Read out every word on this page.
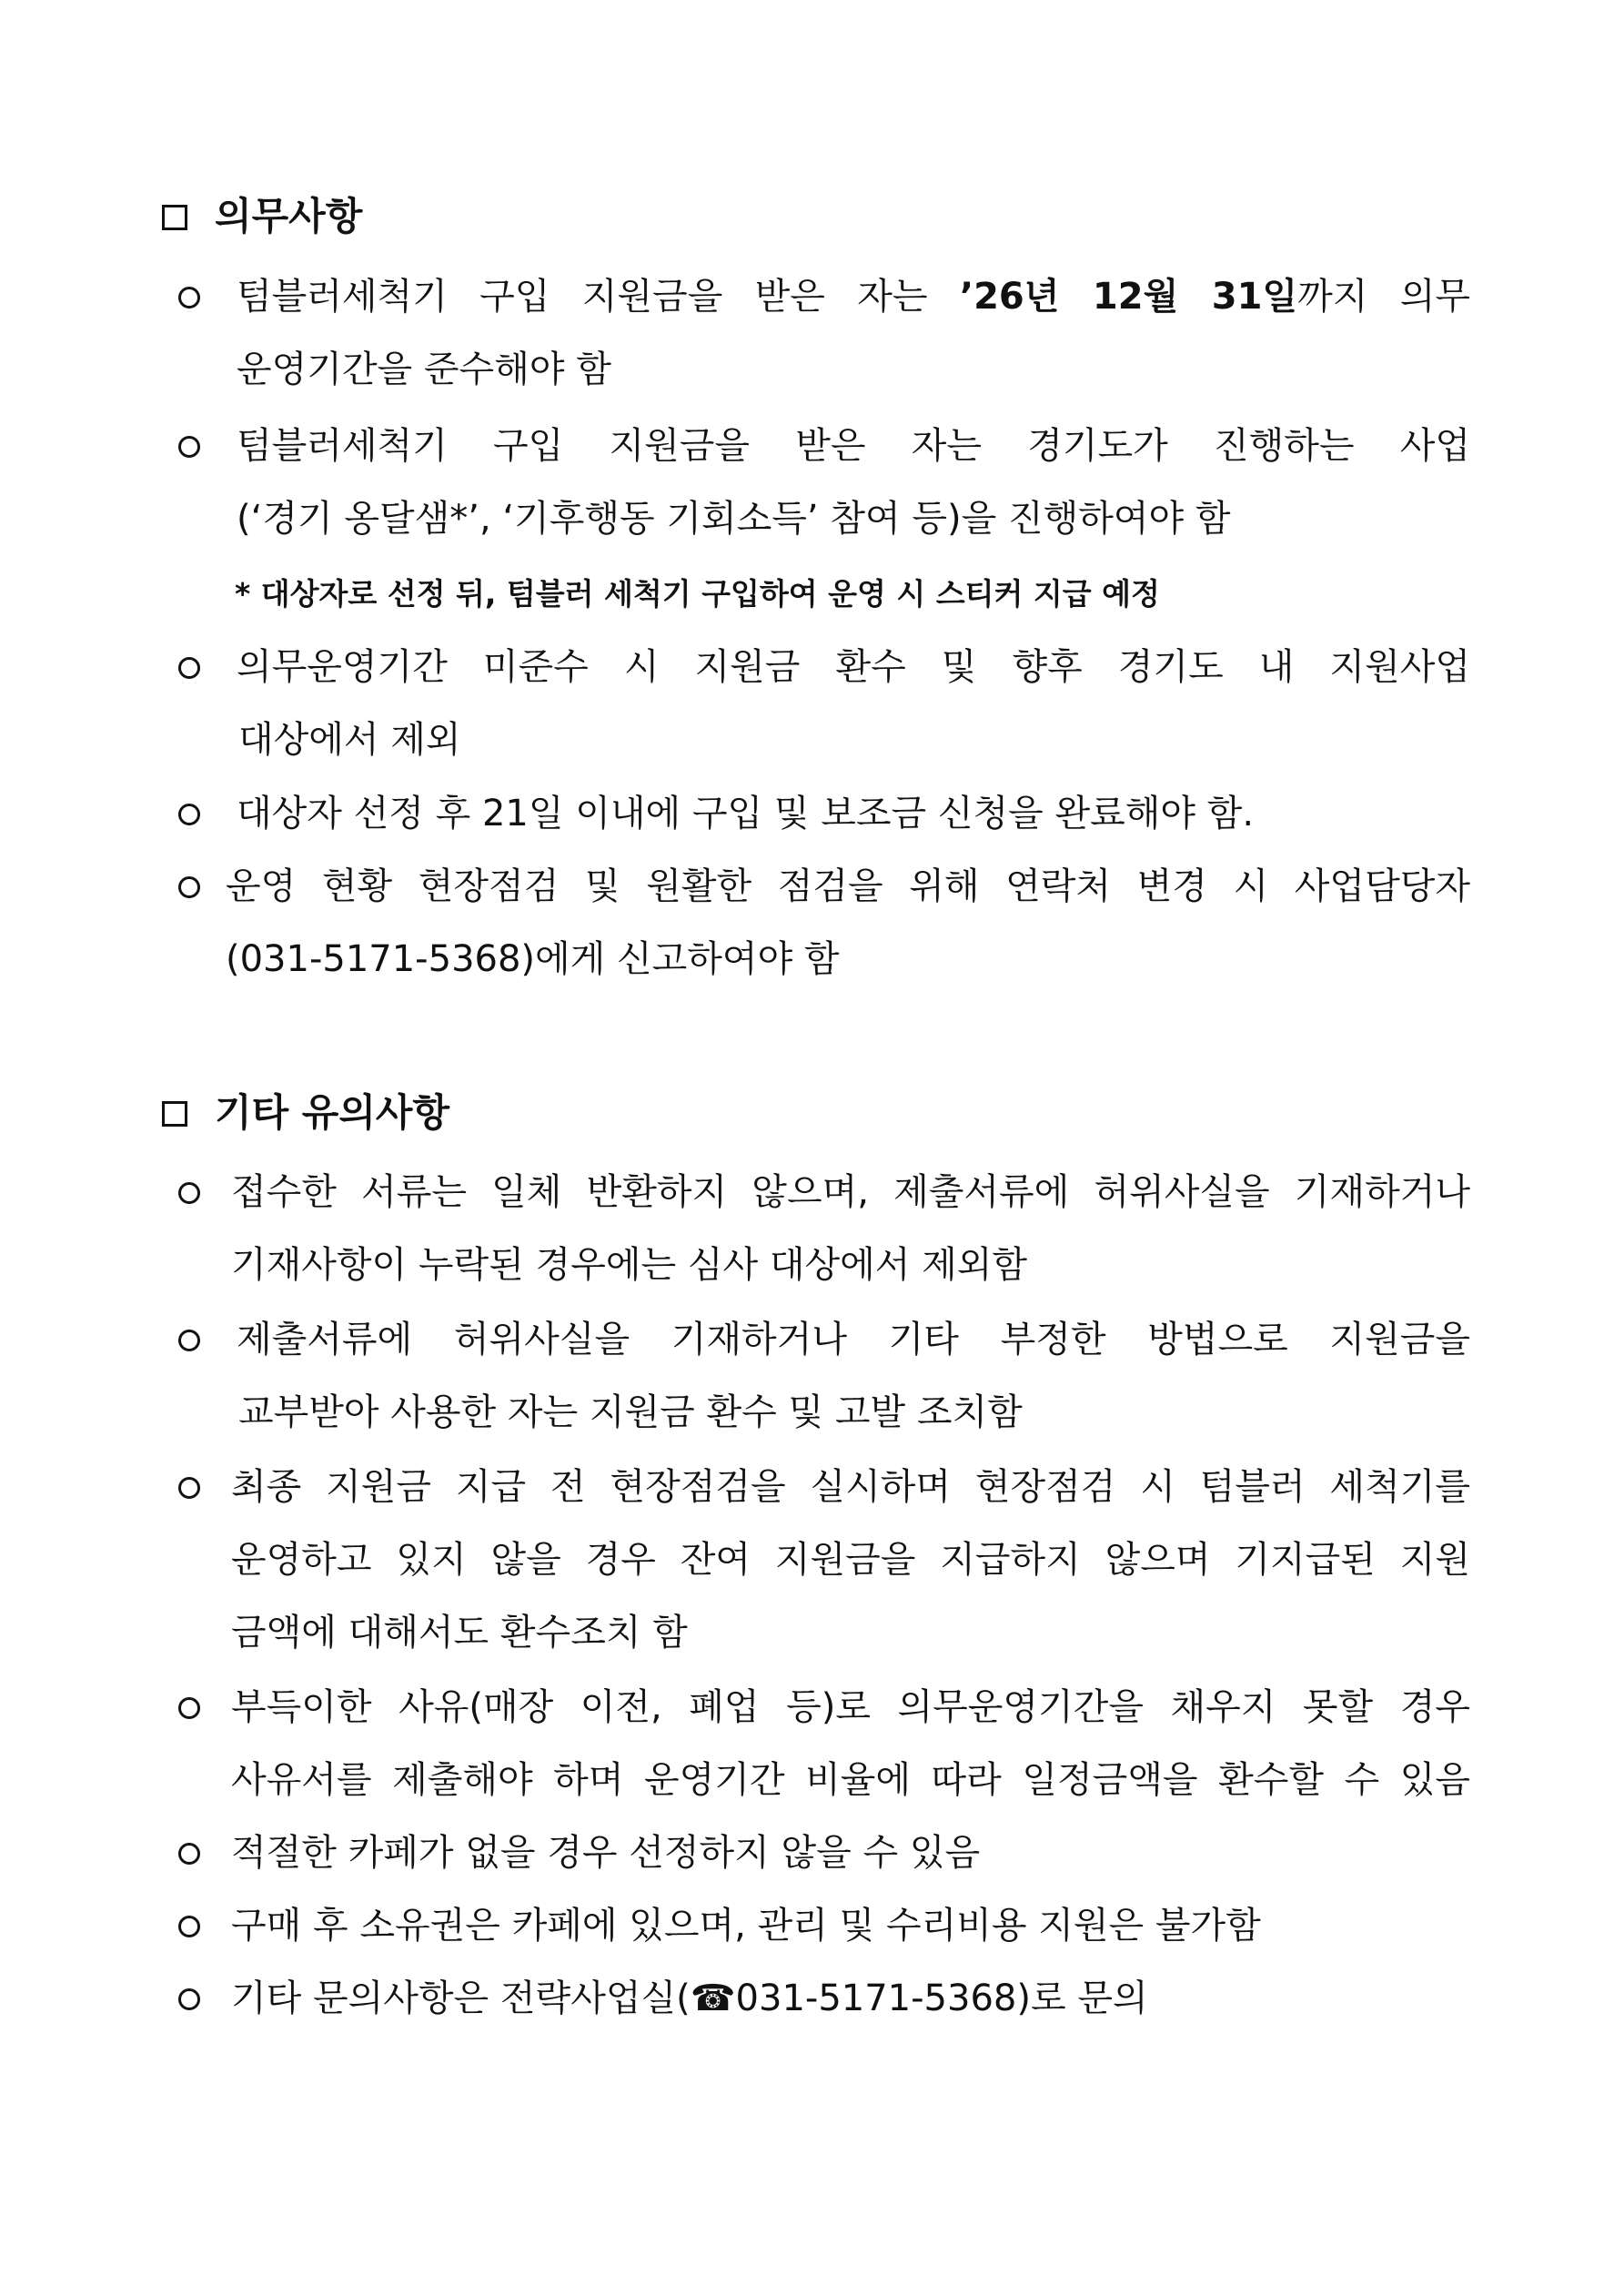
의무사항
텀블러세척기 구입 지원금을 받은 자는 ’26년 12월 31일까지 의무
운영기간을 준수해야 함
텀블러세척기 구입 지원금을 받은 자는 경기도가 진행하는 사업
(‘경기 옹달샘*’, ‘기후행동 기회소득’ 참여 등)을 진행하여야 함
* 대상자로 선정 뒤, 텀블러 세척기 구입하여 운영 시 스티커 지급 예정
의무운영기간 미준수 시 지원금 환수 및 향후 경기도 내 지원사업
대상에서 제외
대상자 선정 후 21일 이내에 구입 및 보조금 신청을 완료해야 함.
운영 현황 현장점검 및 원활한 점검을 위해 연락처 변경 시 사업담당자
(031-5171-5368)에게 신고하여야 함
기타 유의사항
접수한 서류는 일체 반환하지 않으며, 제출서류에 허위사실을 기재하거나
기재사항이 누락된 경우에는 심사 대상에서 제외함
제출서류에 허위사실을 기재하거나 기타 부정한 방법으로 지원금을
교부받아 사용한 자는 지원금 환수 및 고발 조치함
최종 지원금 지급 전 현장점검을 실시하며 현장점검 시 텀블러 세척기를
운영하고 있지 않을 경우 잔여 지원금을 지급하지 않으며 기지급된 지원
금액에 대해서도 환수조치 함
부득이한 사유(매장 이전, 폐업 등)로 의무운영기간을 채우지 못할 경우
사유서를 제출해야 하며 운영기간 비율에 따라 일정금액을 환수할 수 있음
적절한 카페가 없을 경우 선정하지 않을 수 있음
구매 후 소유권은 카페에 있으며, 관리 및 수리비용 지원은 불가함
기타 문의사항은 전략사업실(☎031-5171-5368)로 문의
